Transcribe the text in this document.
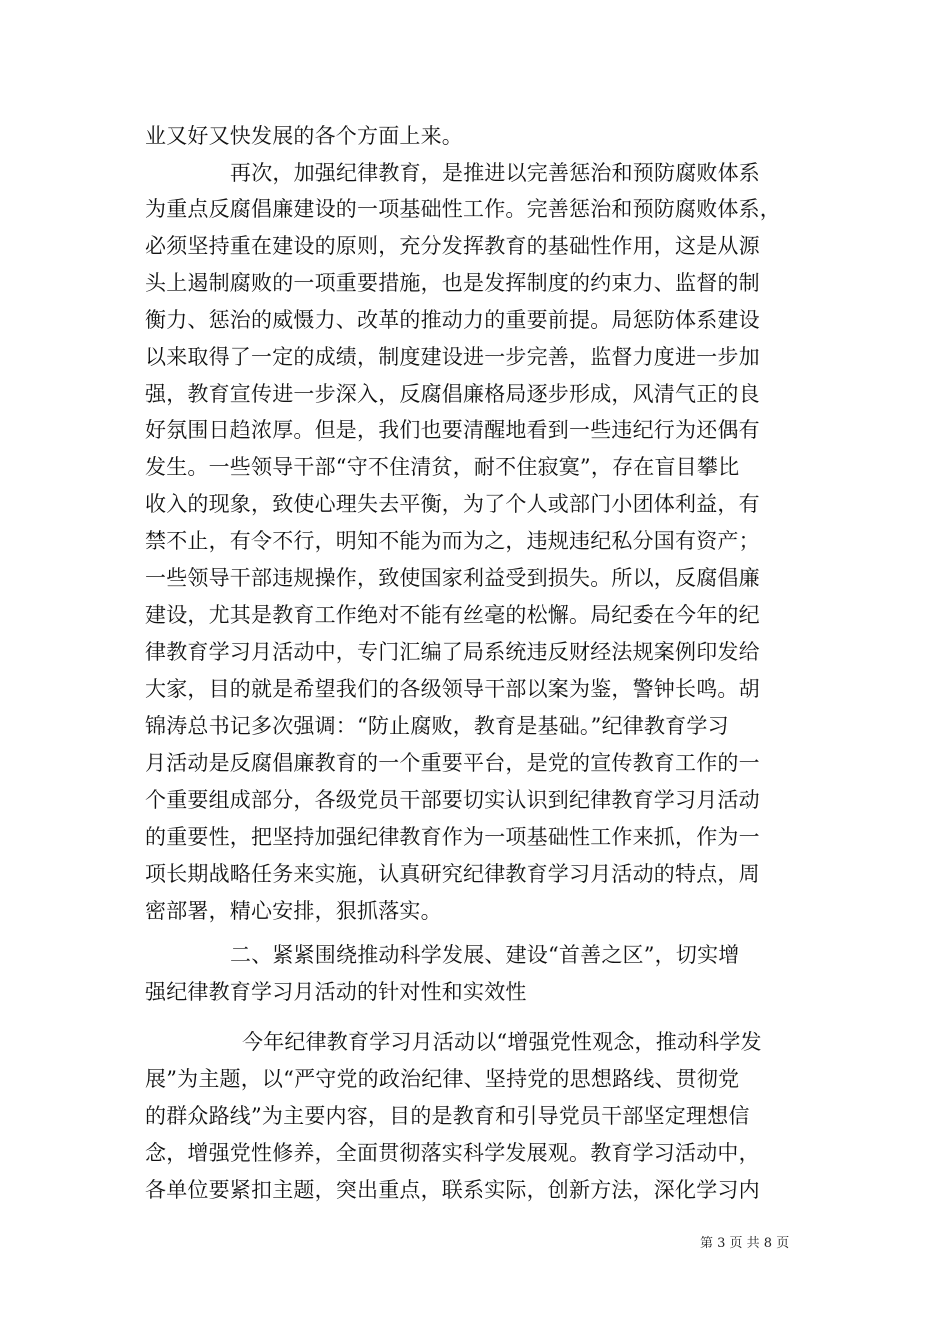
业又好又快发展的各个方面上来。
再次，加强纪律教育，是推进以完善惩治和预防腐败体系
为重点反腐倡廉建设的一项基础性工作。完善惩治和预防腐败体系，
必须坚持重在建设的原则，充分发挥教育的基础性作用，这是从源
头上遏制腐败的一项重要措施，也是发挥制度的约束力、监督的制
衡力、惩治的威慑力、改革的推动力的重要前提。局惩防体系建设
以来取得了一定的成绩，制度建设进一步完善，监督力度进一步加
强，教育宣传进一步深入，反腐倡廉格局逐步形成，风清气正的良
好氛围日趋浓厚。但是，我们也要清醒地看到一些违纪行为还偶有
发生。一些领导干部“守不住清贫，耐不住寂寞”，存在盲目攀比
收入的现象，致使心理失去平衡，为了个人或部门小团体利益，有
禁不止，有令不行，明知不能为而为之，违规违纪私分国有资产；
一些领导干部违规操作，致使国家利益受到损失。所以，反腐倡廉
建设，尤其是教育工作绝对不能有丝毫的松懈。局纪委在今年的纪
律教育学习月活动中，专门汇编了局系统违反财经法规案例印发给
大家，目的就是希望我们的各级领导干部以案为鉴，警钟长鸣。胡
锦涛总书记多次强调：“防止腐败，教育是基础。”纪律教育学习
月活动是反腐倡廉教育的一个重要平台，是党的宣传教育工作的一
个重要组成部分，各级党员干部要切实认识到纪律教育学习月活动
的重要性，把坚持加强纪律教育作为一项基础性工作来抓，作为一
项长期战略任务来实施，认真研究纪律教育学习月活动的特点，周
密部署，精心安排，狠抓落实。
二、紧紧围绕推动科学发展、建设“首善之区”，切实增
强纪律教育学习月活动的针对性和实效性
今年纪律教育学习月活动以“增强党性观念，推动科学发
展”为主题，以“严守党的政治纪律、坚持党的思想路线、贯彻党
的群众路线”为主要内容，目的是教育和引导党员干部坚定理想信
念，增强党性修养，全面贯彻落实科学发展观。教育学习活动中，
各单位要紧扣主题，突出重点，联系实际，创新方法，深化学习内
第 3 页 共 8 页
